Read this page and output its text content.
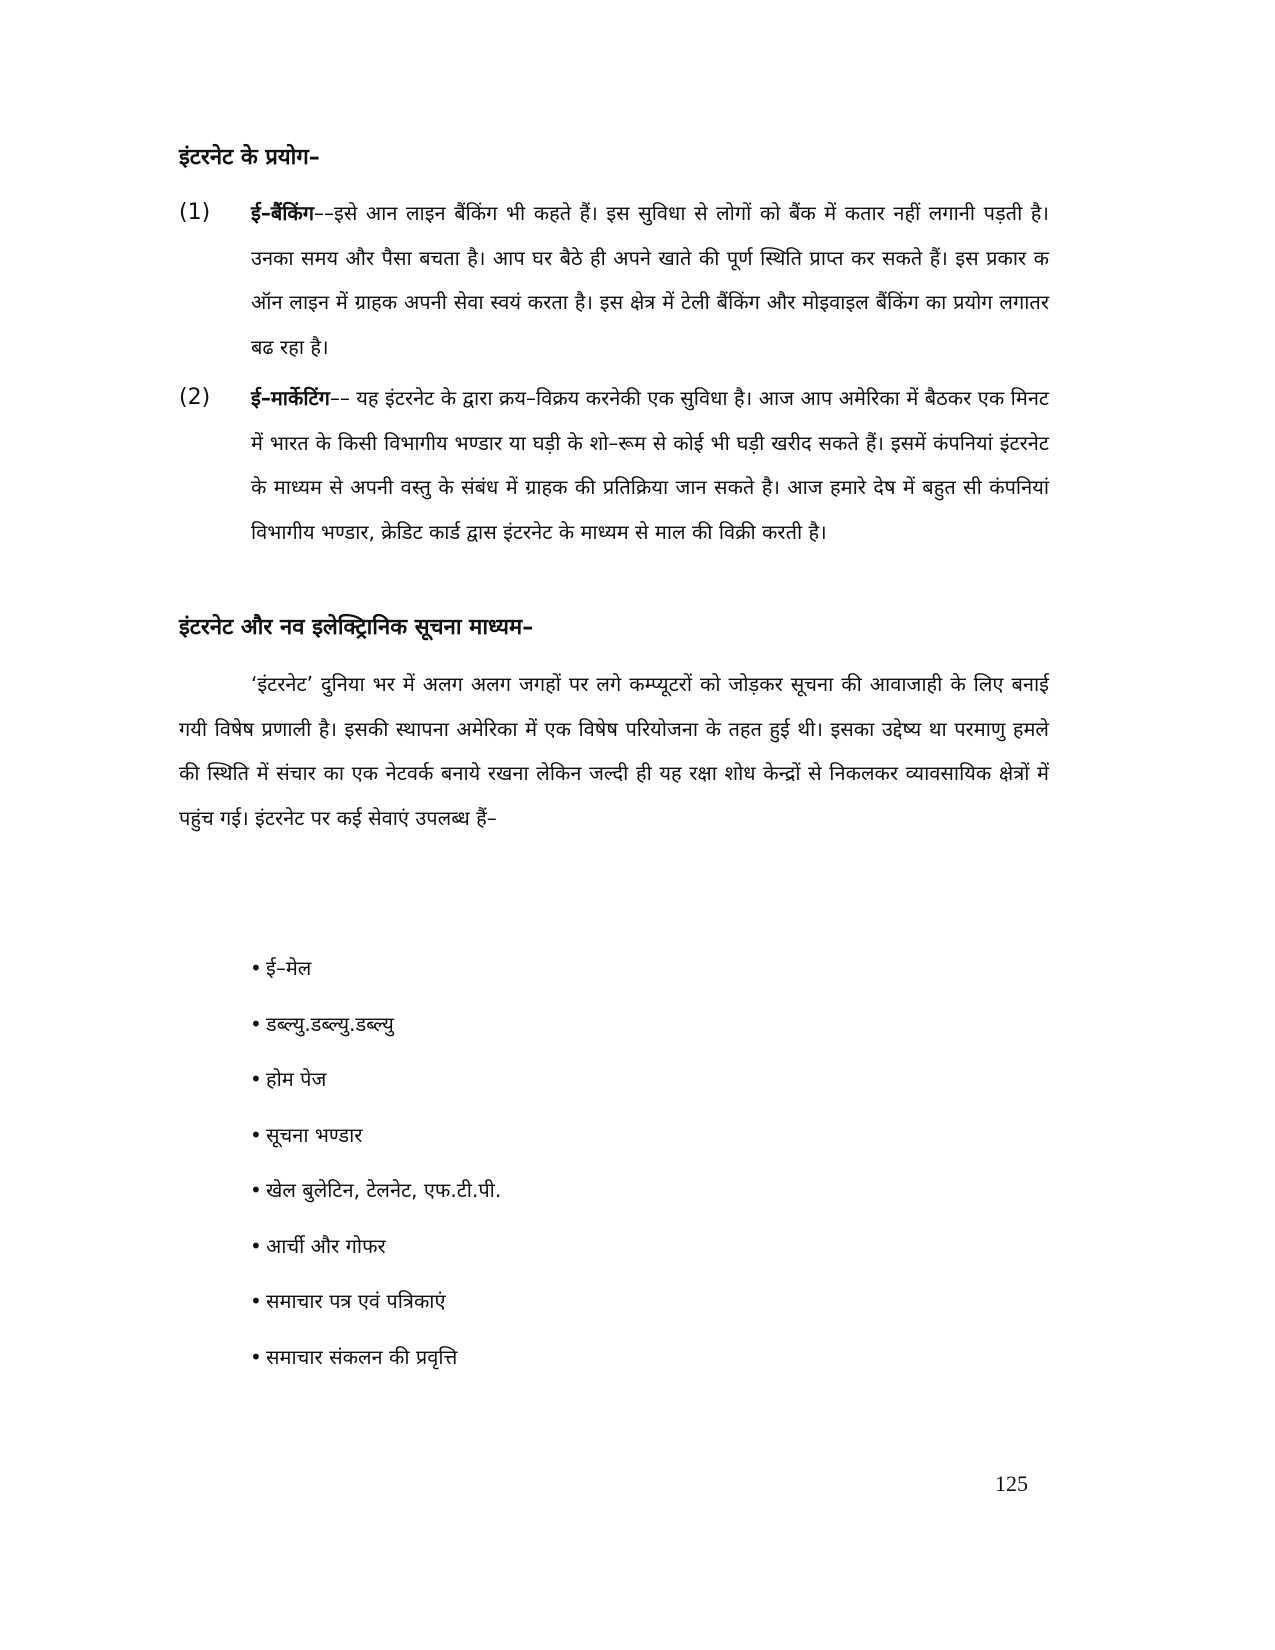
इंटरनेट के प्रयोग–
(1) ई–बैंकिंग––इसे आन लाइन बैंकिंग भी कहते हैं। इस सुविधा से लोगों को बैंक में कतार नहीं लगानी पड़ती है। उनका समय और पैसा बचता है। आप घर बैठे ही अपने खाते की पूर्ण स्थिति प्राप्त कर सकते हैं। इस प्रकार क ऑन लाइन में ग्राहक अपनी सेवा स्वयं करता है। इस क्षेत्र में टेली बैंकिंग और मोइवाइल बैंकिंग का प्रयोग लगातर बढ रहा है।
(2) ई–मार्केटिंग–– यह इंटरनेट के द्वारा क्रय–विक्रय करनेकी एक सुविधा है। आज आप अमेरिका में बैठकर एक मिनट में भारत के किसी विभागीय भण्डार या घड़ी के शो–रूम से कोई भी घड़ी खरीद सकते हैं। इसमें कंपनियां इंटरनेट के माध्यम से अपनी वस्तु के संबंध में ग्राहक की प्रतिक्रिया जान सकते है। आज हमारे देष में बहुत सी कंपनियां विभागीय भण्डार, क्रेडिट कार्ड द्वास इंटरनेट के माध्यम से माल की विक्री करती है।
इंटरनेट और नव इलेक्ट्रिानिक सूचना माध्यम–
‘इंटरनेट’ दुनिया भर में अलग अलग जगहों पर लगे कम्प्यूटरों को जोड़कर सूचना की आवाजाही के लिए बनाई गयी विषेष प्रणाली है। इसकी स्थापना अमेरिका में एक विषेष परियोजना के तहत हुई थी। इसका उद्देष्य था परमाणु हमले की स्थिति में संचार का एक नेटवर्क बनाये रखना लेकिन जल्दी ही यह रक्षा शोध केन्द्रों से निकलकर व्यावसायिक क्षेत्रों में पहुंच गई। इंटरनेट पर कई सेवाएं उपलब्ध हैं–
• ई–मेल
• डब्ल्यु.डब्ल्यु.डब्ल्यु
• होम पेज
• सूचना भण्डार
• खेल बुलेटिन, टेलनेट, एफ.टी.पी.
• आर्ची और गोफर
• समाचार पत्र एवं पत्रिकाएं
• समाचार संकलन की प्रवृत्ति
125
